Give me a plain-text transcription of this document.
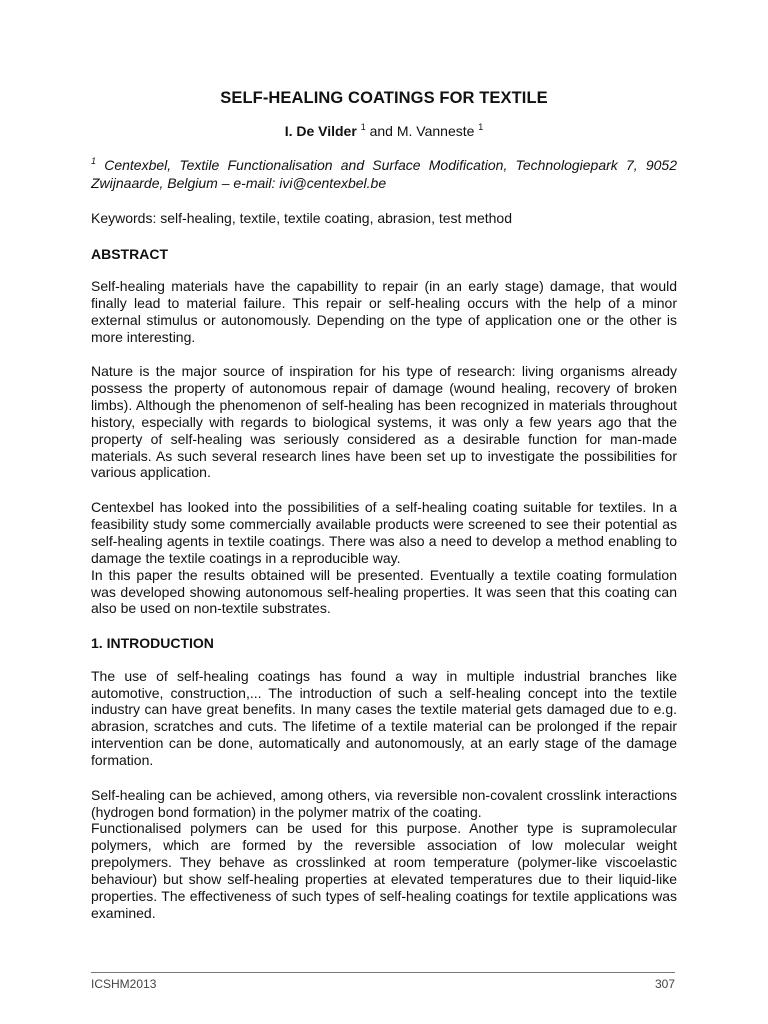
SELF-HEALING COATINGS FOR TEXTILE
I. De Vilder $^1$ and M. Vanneste $^1$
$^1$ Centexbel, Textile Functionalisation and Surface Modification, Technologiepark 7, 9052 Zwijnaarde, Belgium – e-mail: ivi@centexbel.be
Keywords: self-healing, textile, textile coating, abrasion, test method
ABSTRACT

Self-healing materials have the capabillity to repair (in an early stage) damage, that would finally lead to material failure. This repair or self-healing occurs with the help of a minor external stimulus or autonomously. Depending on the type of application one or the other is more interesting.

Nature is the major source of inspiration for his type of research: living organisms already possess the property of autonomous repair of damage (wound healing, recovery of broken limbs). Although the phenomenon of self-healing has been recognized in materials throughout history, especially with regards to biological systems, it was only a few years ago that the property of self-healing was seriously considered as a desirable function for man-made materials. As such several research lines have been set up to investigate the possibilities for various application.

Centexbel has looked into the possibilities of a self-healing coating suitable for textiles. In a feasibility study some commercially available products were screened to see their potential as self-healing agents in textile coatings. There was also a need to develop a method enabling to damage the textile coatings in a reproducible way.

In this paper the results obtained will be presented. Eventually a textile coating formulation was developed showing autonomous self-healing properties. It was seen that this coating can also be used on non-textile substrates.

1. INTRODUCTION

The use of self-healing coatings has found a way in multiple industrial branches like automotive, construction,... The introduction of such a self-healing concept into the textile industry can have great benefits. In many cases the textile material gets damaged due to e.g. abrasion, scratches and cuts. The lifetime of a textile material can be prolonged if the repair intervention can be done, automatically and autonomously, at an early stage of the damage formation.

Self-healing can be achieved, among others, via reversible non-covalent crosslink interactions (hydrogen bond formation) in the polymer matrix of the coating.

Functionalised polymers can be used for this purpose. Another type is supramolecular polymers, which are formed by the reversible association of low molecular weight prepolymers. They behave as crosslinked at room temperature (polymer-like viscoelastic behaviour) but show self-healing properties at elevated temperatures due to their liquid-like properties. The effectiveness of such types of self-healing coatings for textile applications was examined.

ICSHM2013	307
